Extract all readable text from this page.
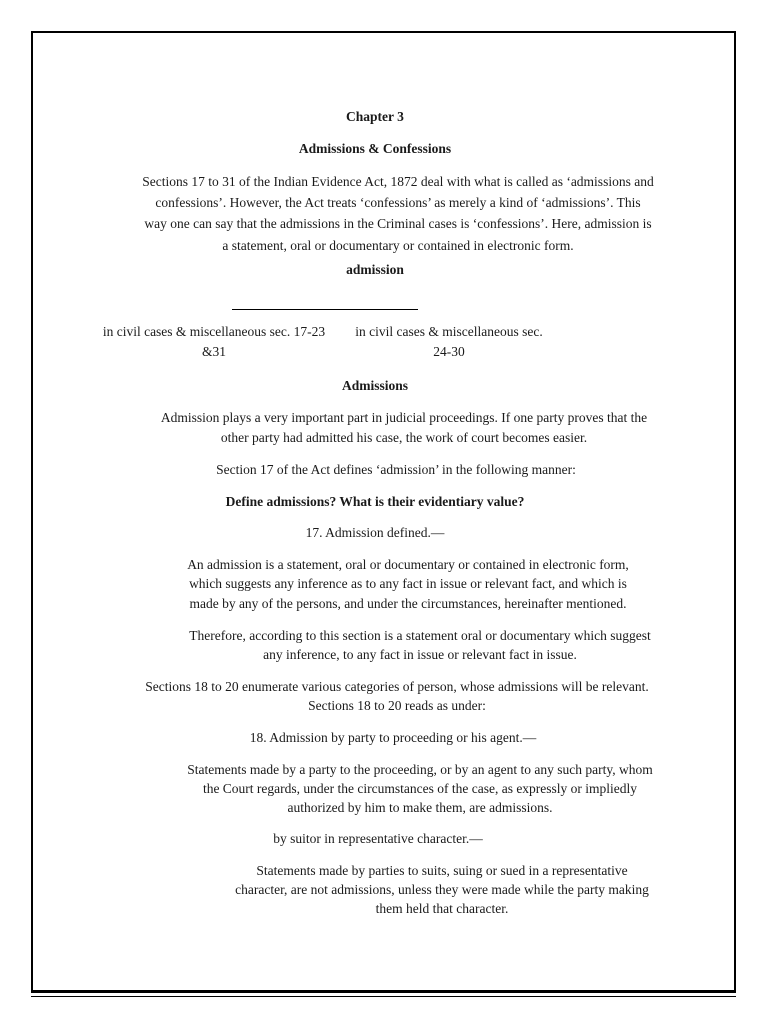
Chapter 3
Admissions & Confessions
Sections 17 to 31 of the Indian Evidence Act, 1872 deal with what is called as ‘admissions and
confessions’. However, the Act treats ‘confessions’ as merely a kind of ‘admissions’. This
way one can say that the admissions in the Criminal cases is ‘confessions’. Here, admission is
a statement, oral or documentary or contained in electronic form.
admission
in civil cases & miscellaneous sec. 17-23
&31
in civil cases & miscellaneous sec.
24-30
Admissions
Admission plays a very important part in judicial proceedings. If one party proves that the
other party had admitted his case, the work of court becomes easier.
Section 17 of the Act defines ‘admission’ in the following manner:
Define admissions? What is their evidentiary value?
17. Admission defined.—
An admission is a statement, oral or documentary or contained in electronic form,
which suggests any inference as to any fact in issue or relevant fact, and which is
made by any of the persons, and under the circumstances, hereinafter mentioned.
Therefore, according to this section is a statement oral or documentary which suggest
any inference, to any fact in issue or relevant fact in issue.
Sections 18 to 20 enumerate various categories of person, whose admissions will be relevant.
Sections 18 to 20 reads as under:
18. Admission by party to proceeding or his agent.—
Statements made by a party to the proceeding, or by an agent to any such party, whom
the Court regards, under the circumstances of the case, as expressly or impliedly
authorized by him to make them, are admissions.
by suitor in representative character.—
Statements made by parties to suits, suing or sued in a representative
character, are not admissions, unless they were made while the party making
them held that character.
